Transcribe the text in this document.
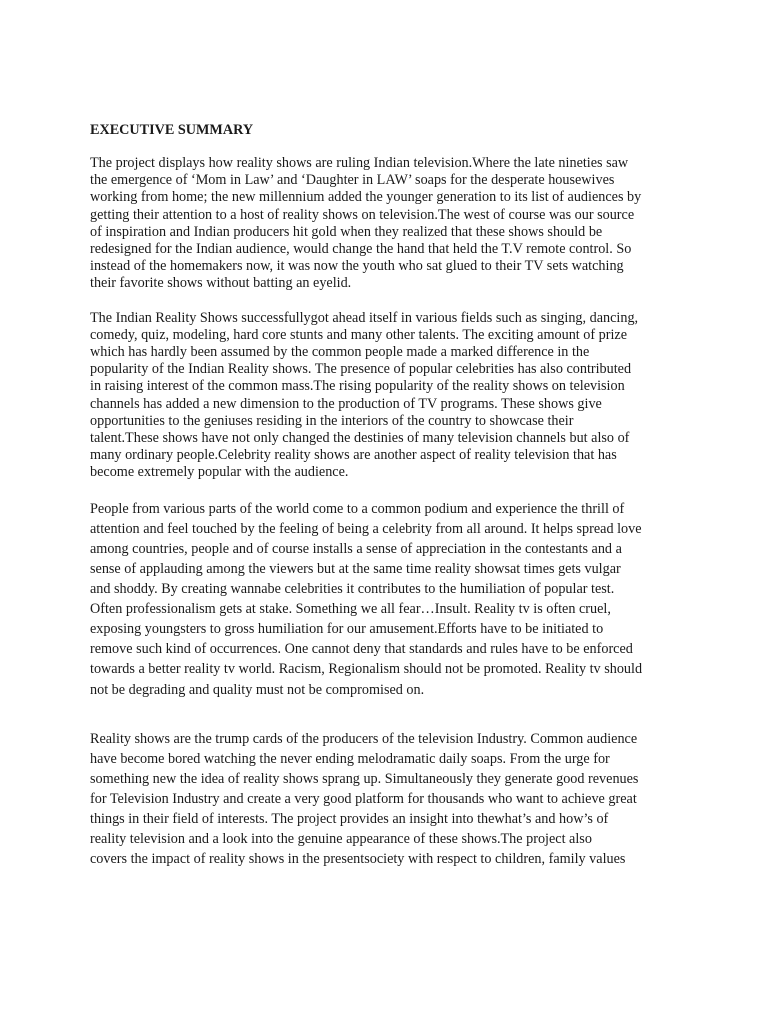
EXECUTIVE SUMMARY
The project displays how reality shows are ruling Indian television.Where the late nineties saw
the emergence of ‘Mom in Law’ and ‘Daughter in LAW’ soaps for the desperate housewives
working from home; the new millennium added the younger generation to its list of audiences by
getting their attention to a host of reality shows on television.The west of course was our source
of inspiration and Indian producers hit gold when they realized that these shows should be
redesigned for the Indian audience, would change the hand that held the T.V remote control. So
instead of the homemakers now, it was now the youth who sat glued to their TV sets watching
their favorite shows without batting an eyelid.
The Indian Reality Shows successfullygot ahead itself in various fields such as singing, dancing,
comedy, quiz, modeling, hard core stunts and many other talents. The exciting amount of prize
which has hardly been assumed by the common people made a marked difference in the
popularity of the Indian Reality shows. The presence of popular celebrities has also contributed
in raising interest of the common mass.The rising popularity of the reality shows on television
channels has added a new dimension to the production of TV programs. These shows give
opportunities to the geniuses residing in the interiors of the country to showcase their
talent.These shows have not only changed the destinies of many television channels but also of
many ordinary people.Celebrity reality shows are another aspect of reality television that has
become extremely popular with the audience.
People from various parts of the world come to a common podium and experience the thrill of
attention and feel touched by the feeling of being a celebrity from all around. It helps spread love
among countries, people and of course installs a sense of appreciation in the contestants and a
sense of applauding among the viewers but at the same time reality showsat times gets vulgar
and shoddy. By creating wannabe celebrities it contributes to the humiliation of popular test.
Often professionalism gets at stake. Something we all fear…Insult. Reality tv is often cruel,
exposing youngsters to gross humiliation for our amusement.Efforts have to be initiated to
remove such kind of occurrences. One cannot deny that standards and rules have to be enforced
towards a better reality tv world. Racism, Regionalism should not be promoted. Reality tv should
not be degrading and quality must not be compromised on.
Reality shows are the trump cards of the producers of the television Industry. Common audience
have become bored watching the never ending melodramatic daily soaps. From the urge for
something new the idea of reality shows sprang up. Simultaneously they generate good revenues
for Television Industry and create a very good platform for thousands who want to achieve great
things in their field of interests. The project provides an insight into thewhat’s and how’s of
reality television and a look into the genuine appearance of these shows.The project also
covers the impact of reality shows in the presentsociety with respect to children, family values
